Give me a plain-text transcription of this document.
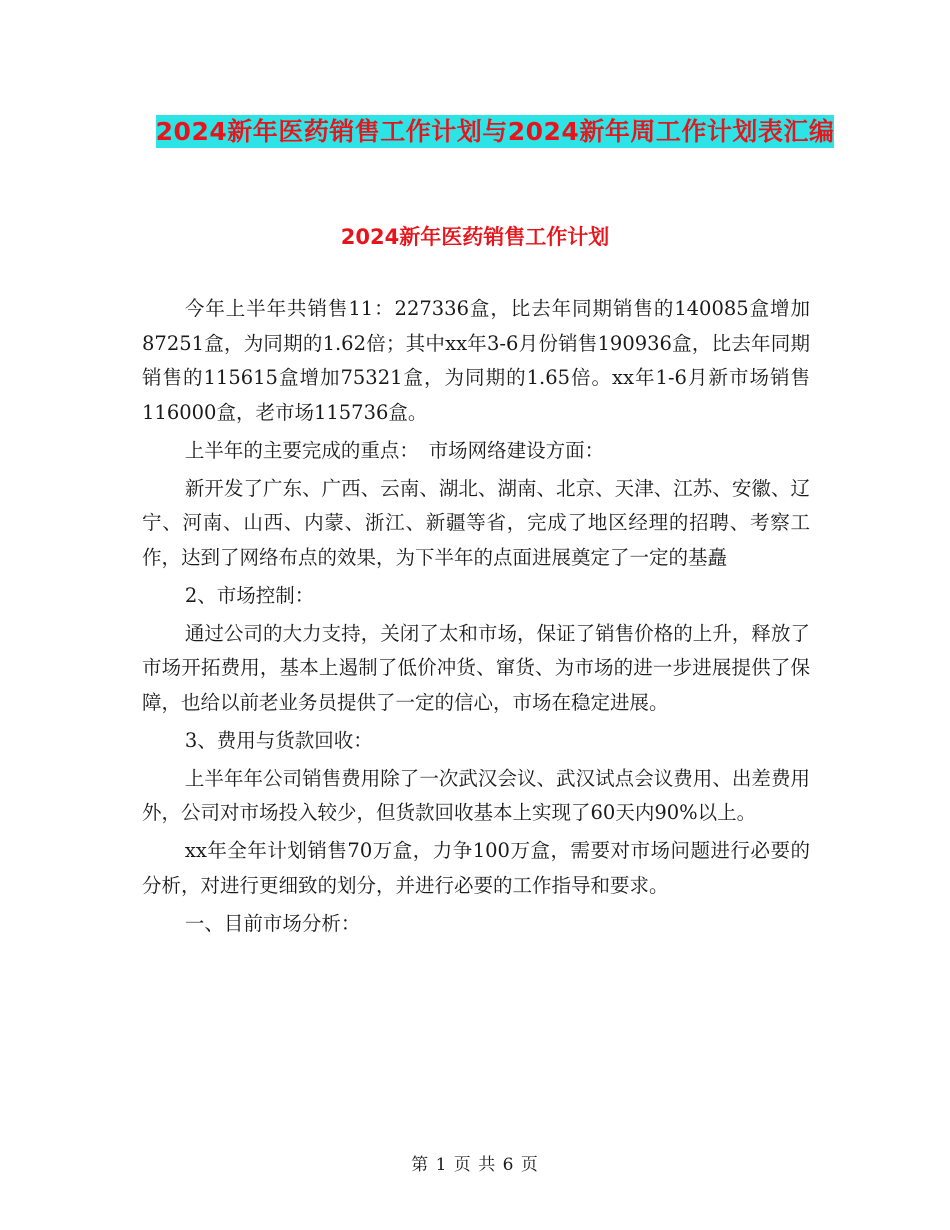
2024新年医药销售工作计划与2024新年周工作计划表汇编
2024新年医药销售工作计划

今年上半年共销售11：227336盒，比去年同期销售的140085盒增加87251盒，为同期的1.62倍；其中xx年3-6月份销售190936盒，比去年同期销售的115615盒增加75321盒，为同期的1.65倍。xx年1-6月新市场销售116000盒，老市场115736盒。

上半年的主要完成的重点：　市场网络建设方面：

新开发了广东、广西、云南、湖北、湖南、北京、天津、江苏、安徽、辽宁、河南、山西、内蒙、浙江、新疆等省，完成了地区经理的招聘、考察工作，达到了网络布点的效果，为下半年的点面进展奠定了一定的基矗

2、市场控制：

通过公司的大力支持，关闭了太和市场，保证了销售价格的上升，释放了市场开拓费用，基本上遏制了低价冲货、窜货、为市场的进一步进展提供了保障，也给以前老业务员提供了一定的信心，市场在稳定进展。

3、费用与货款回收：

上半年年公司销售费用除了一次武汉会议、武汉试点会议费用、出差费用外，公司对市场投入较少，但货款回收基本上实现了60天内90%以上。

xx年全年计划销售70万盒，力争100万盒，需要对市场问题进行必要的分析，对进行更细致的划分，并进行必要的工作指导和要求。

一、目前市场分析：

第 1 页 共 6 页
